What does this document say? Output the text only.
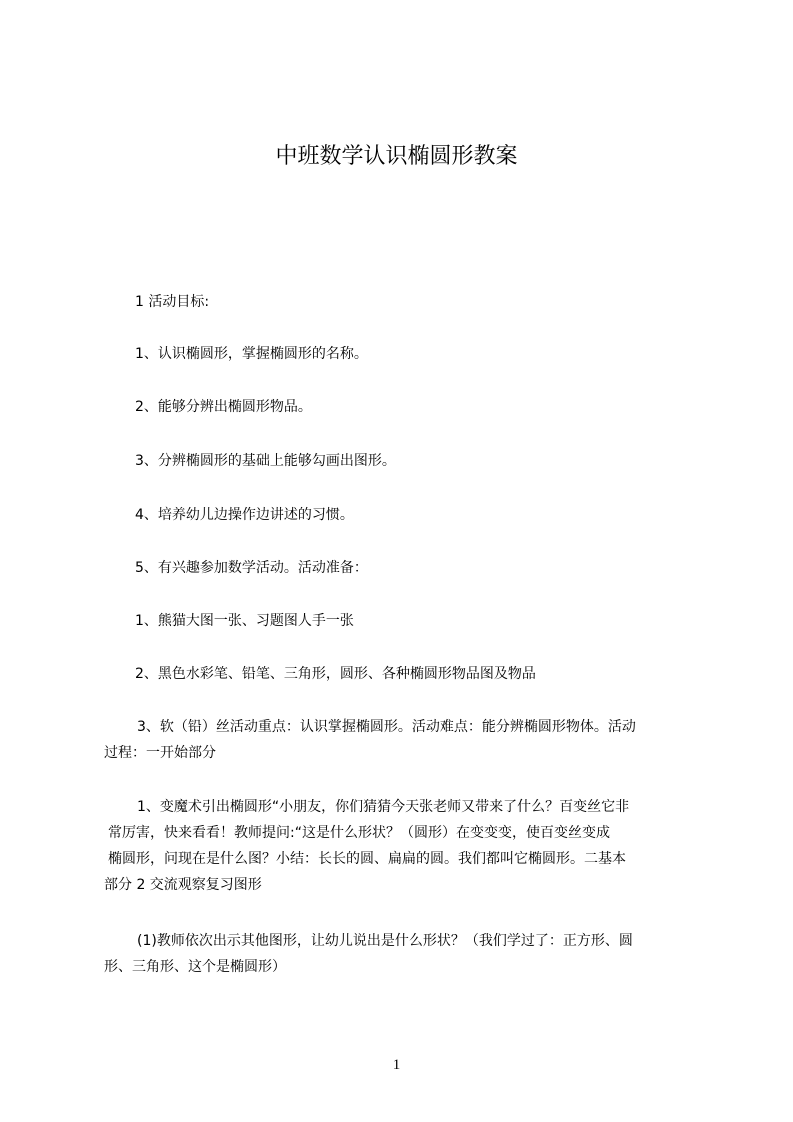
中班数学认识椭圆形教案

1 活动目标:

1、认识椭圆形，掌握椭圆形的名称。

2、能够分辨出椭圆形物品。

3、分辨椭圆形的基础上能够勾画出图形。

4、培养幼儿边操作边讲述的习惯。

5、有兴趣参加数学活动。活动准备：

1、熊猫大图一张、习题图人手一张

2、黑色水彩笔、铅笔、三角形，圆形、各种椭圆形物品图及物品

3、软（铅）丝活动重点：认识掌握椭圆形。活动难点：能分辨椭圆形物体。活动
过程：一开始部分

1、变魔术引出椭圆形“小朋友，你们猜猜今天张老师又带来了什么？百变丝它非
常厉害，快来看看！教师提问:“这是什么形状？（圆形）在变变变，使百变丝变成
椭圆形，问现在是什么图？小结：长长的圆、扁扁的圆。我们都叫它椭圆形。二基本
部分 2 交流观察复习图形

(1)教师依次出示其他图形，让幼儿说出是什么形状？（我们学过了：正方形、圆
形、三角形、这个是椭圆形）

1
